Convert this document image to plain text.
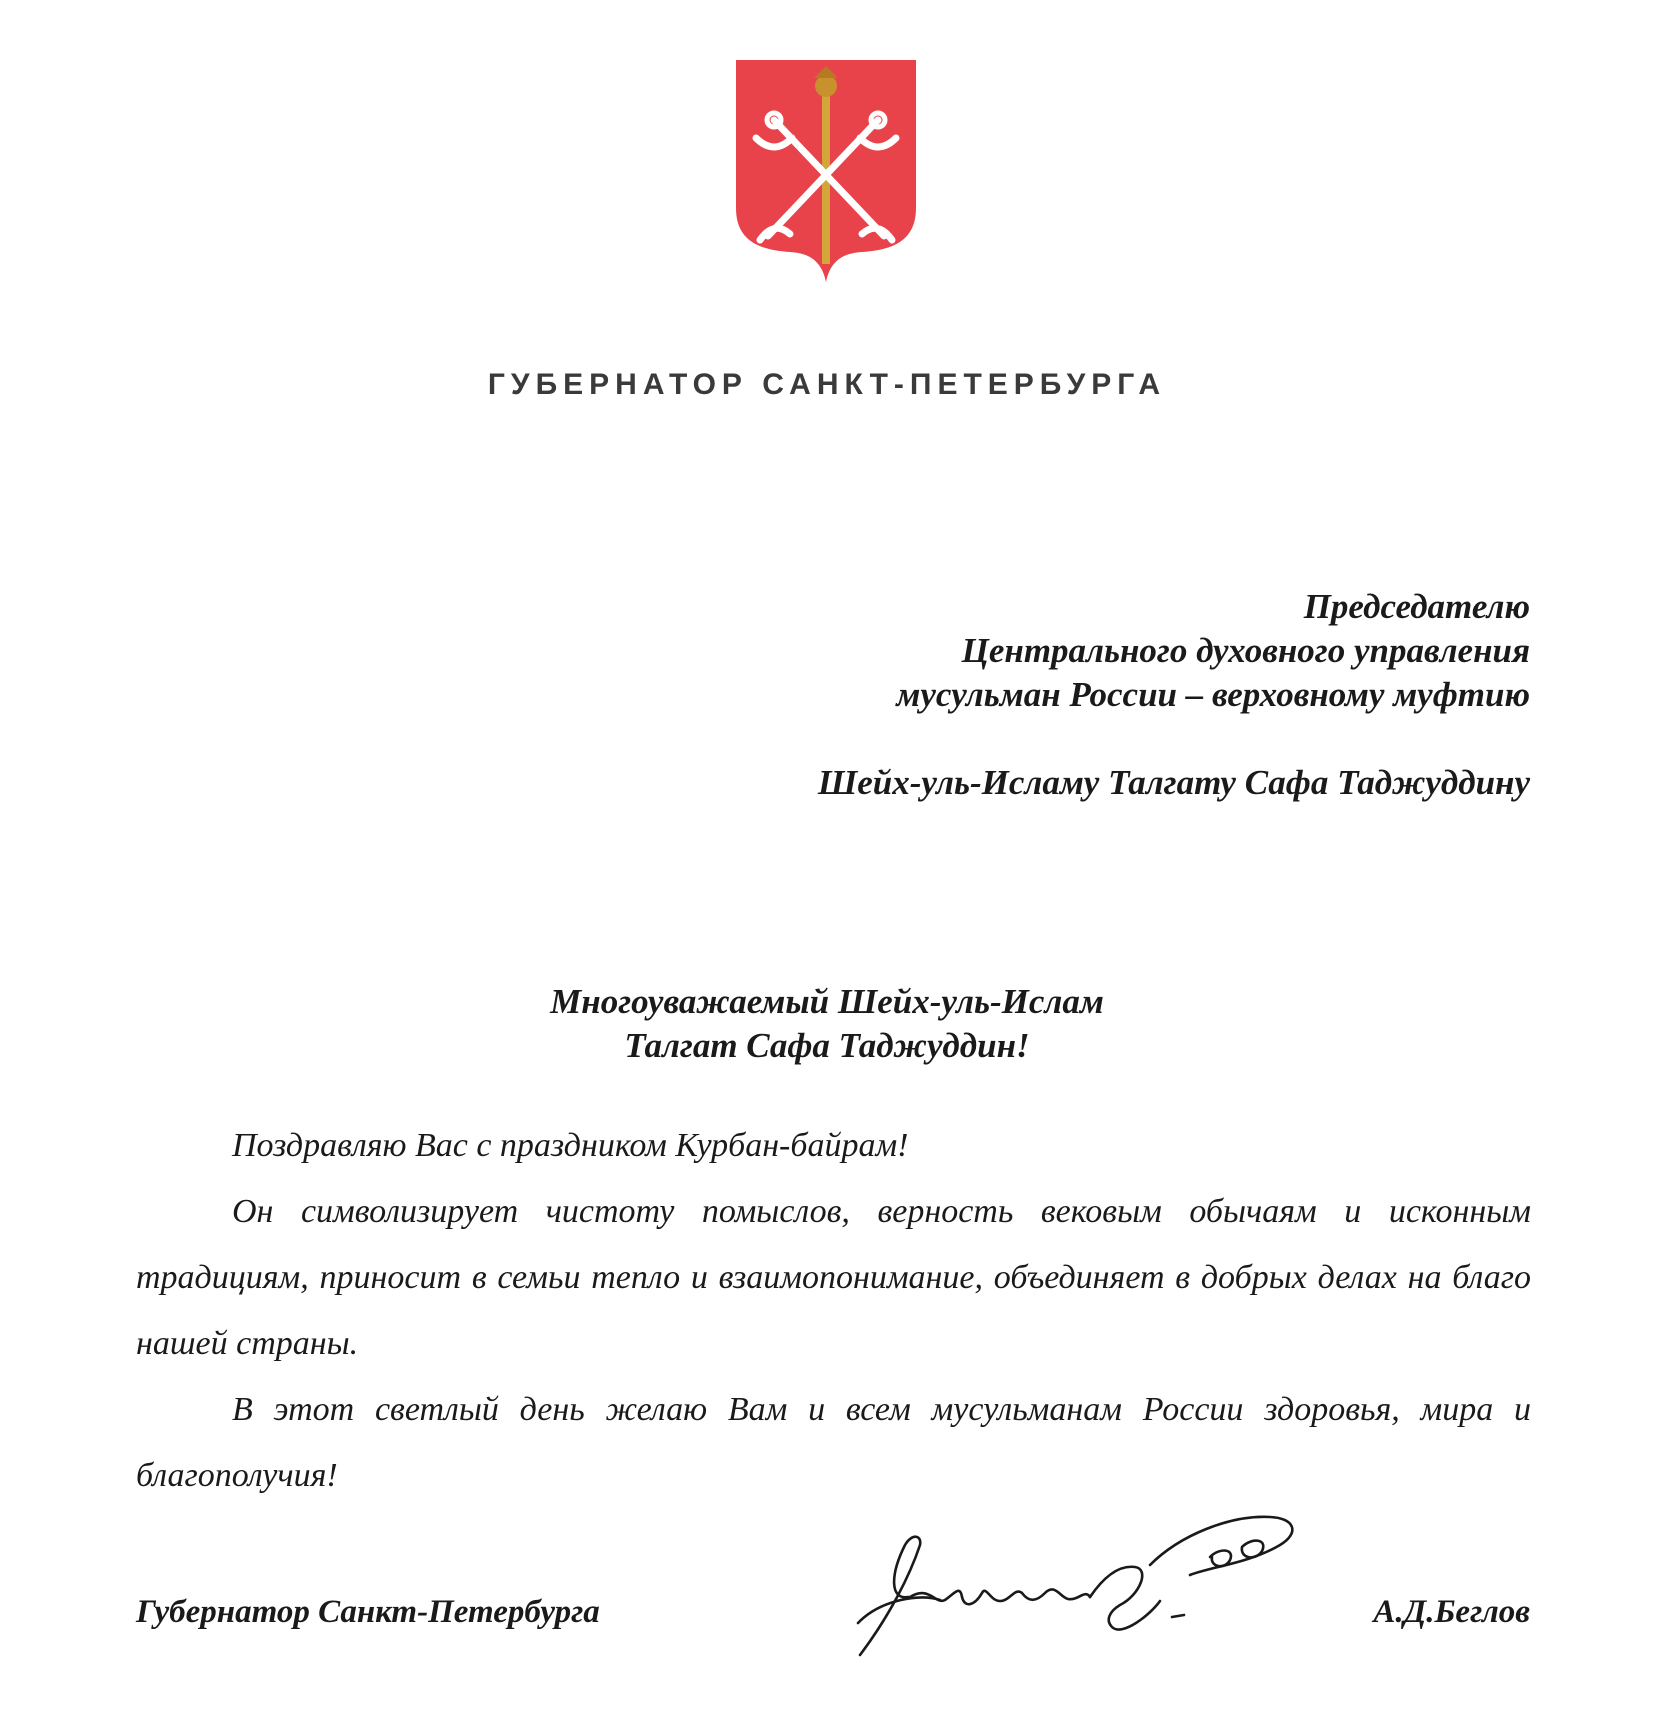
ГУБЕРНАТОР САНКТ-ПЕТЕРБУРГА
Председателю
Центрального духовного управления
мусульман России – верховному муфтию
Шейх-уль-Исламу Талгату Сафа Таджуддину
Многоуважаемый Шейх-уль-Ислам
Талгат Сафа Таджуддин!

Поздравляю Вас с праздником Курбан-байрам!

Он символизирует чистоту помыслов, верность вековым обычаям и исконным традициям, приносит в семьи тепло и взаимопонимание, объединяет в добрых делах на благо нашей страны.

В этот светлый день желаю Вам и всем мусульманам России здоровья, мира и благополучия!

Губернатор Санкт-Петербурга	А.Д.Беглов
